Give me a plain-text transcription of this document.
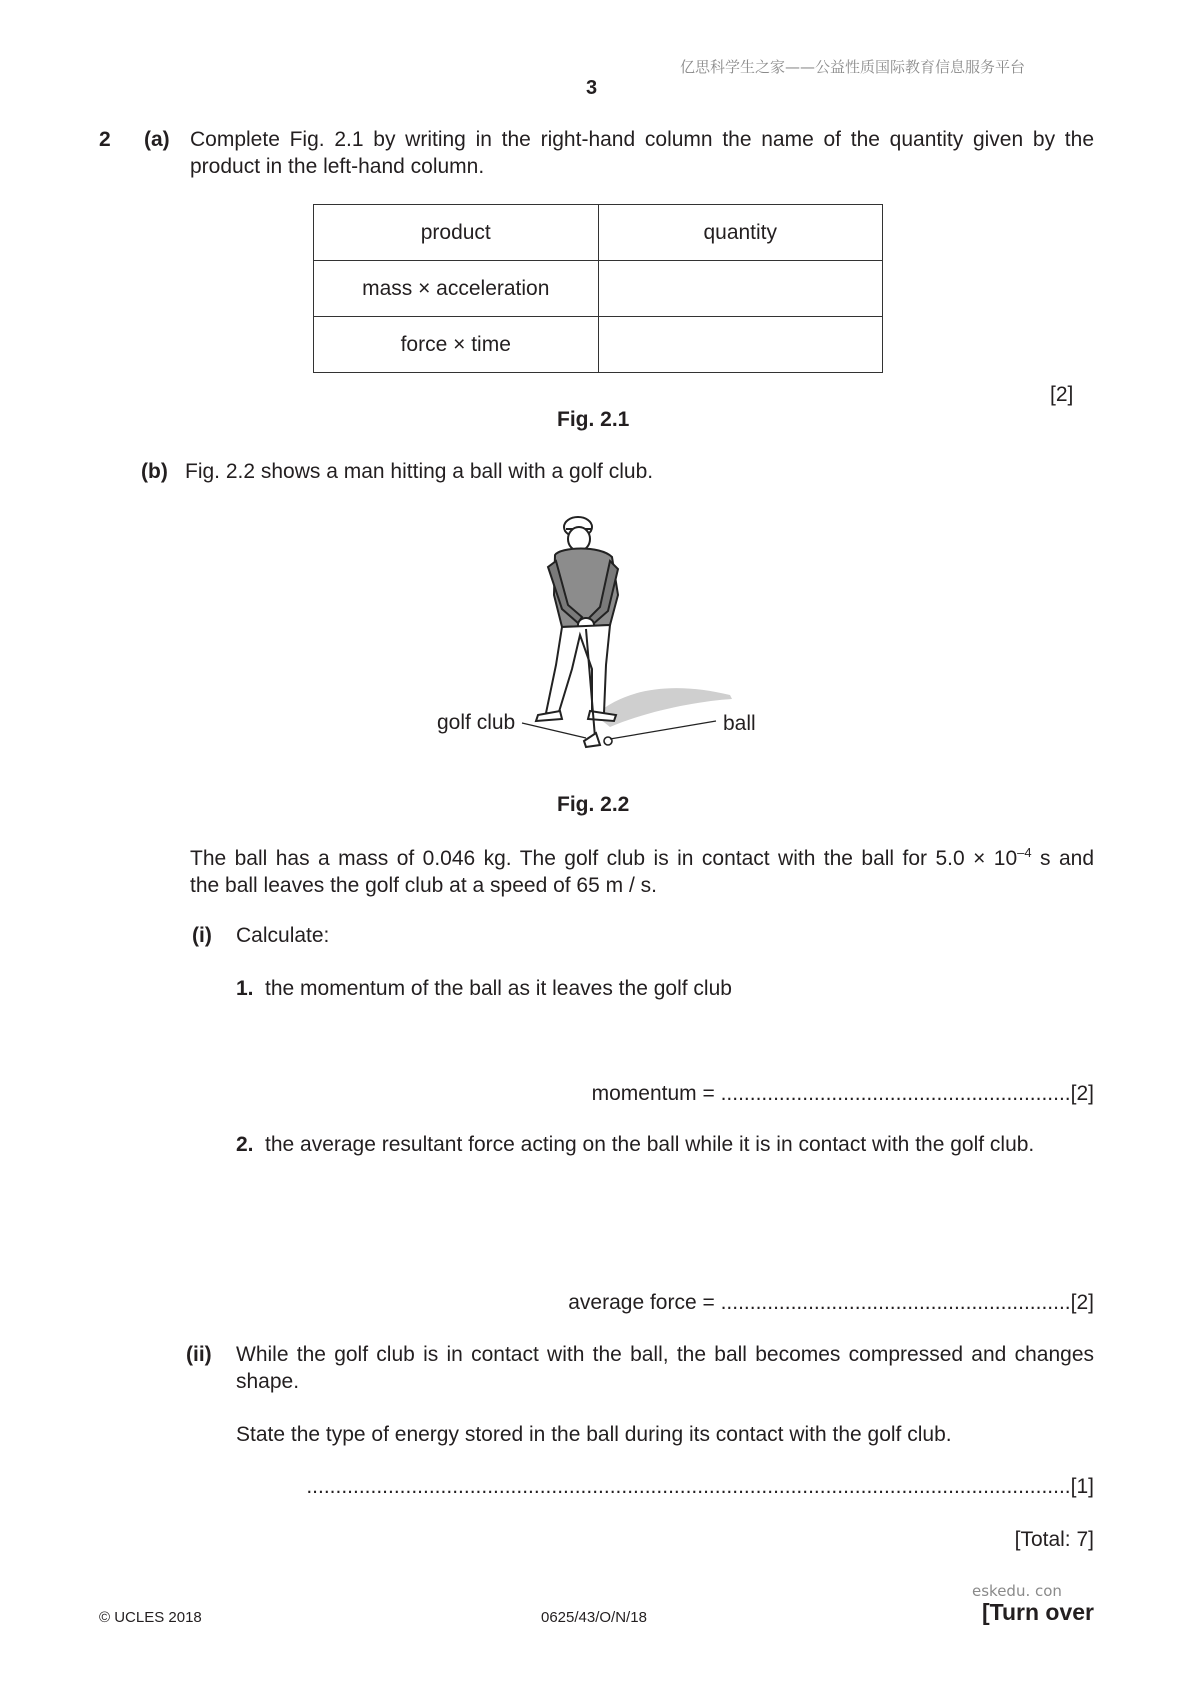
亿思科学生之家——公益性质国际教育信息服务平台
3
2 (a) Complete Fig. 2.1 by writing in the right-hand column the name of the quantity given by the
product in the left-hand column.
product	quantity
mass × acceleration	
force × time	
[2]
Fig. 2.1
(b) Fig. 2.2 shows a man hitting a ball with a golf club.
golf club	ball
Fig. 2.2
The ball has a mass of 0.046 kg. The golf club is in contact with the ball for $5.0 \times 10^{-4}$ s and
the ball leaves the golf club at a speed of 65 m / s.
(i) Calculate:
1. the momentum of the ball as it leaves the golf club
momentum = ............................................................[2]
2. the average resultant force acting on the ball while it is in contact with the golf club.
average force = ............................................................[2]
(ii) While the golf club is in contact with the ball, the ball becomes compressed and changes
shape.
State the type of energy stored in the ball during its contact with the golf club.
...................................................................................................................................[1]
[Total: 7]
eskedu. con
© UCLES 2018	0625/43/O/N/18	[Turn over
